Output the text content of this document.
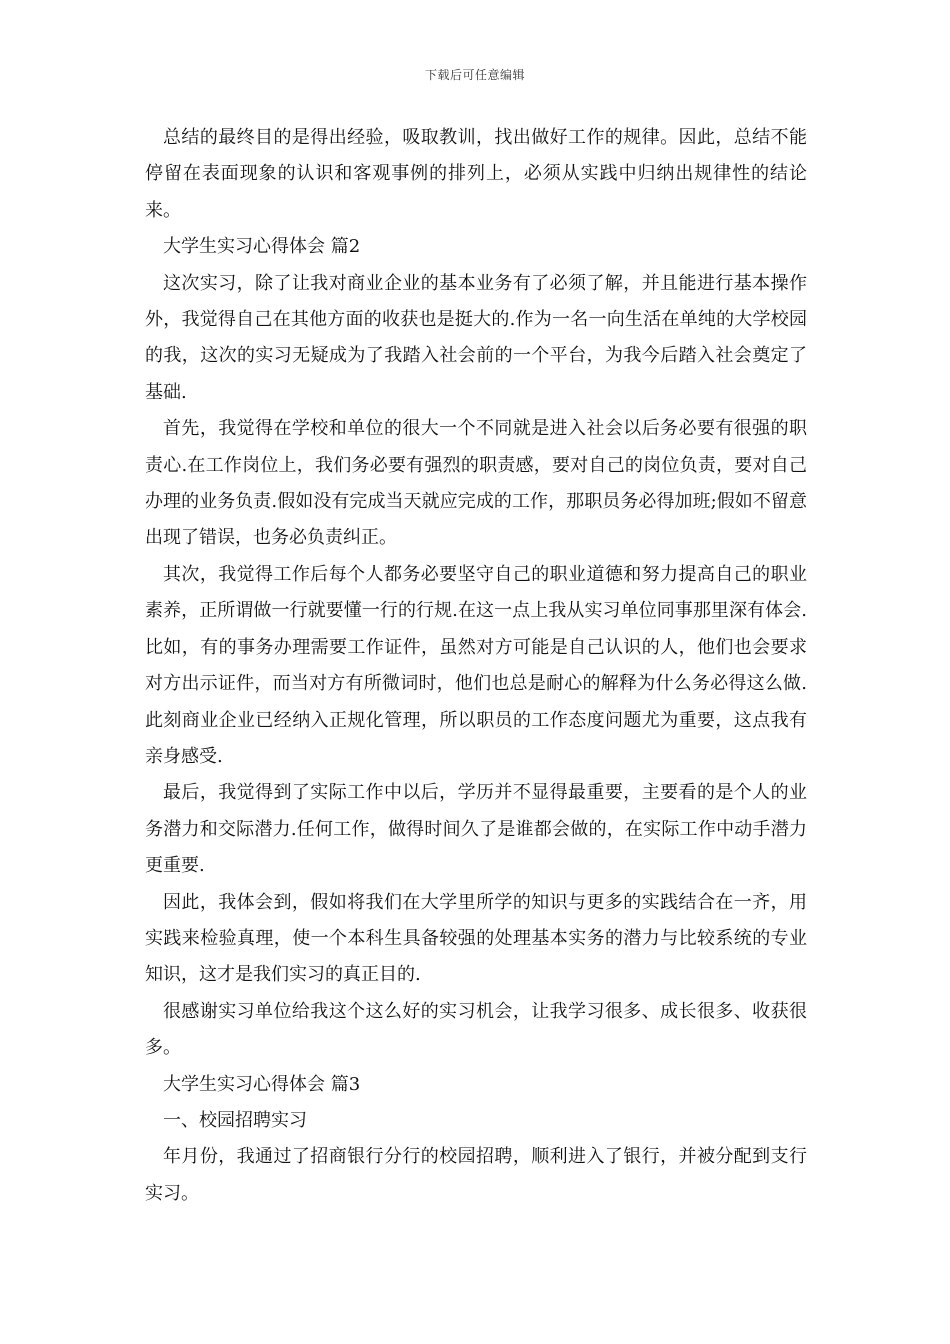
下载后可任意编辑

总结的最终目的是得出经验，吸取教训，找出做好工作的规律。因此，总结不能停留在表面现象的认识和客观事例的排列上，必须从实践中归纳出规律性的结论来。

大学生实习心得体会 篇2

这次实习，除了让我对商业企业的基本业务有了必须了解，并且能进行基本操作外，我觉得自己在其他方面的收获也是挺大的.作为一名一向生活在单纯的大学校园的我，这次的实习无疑成为了我踏入社会前的一个平台，为我今后踏入社会奠定了基础.

首先，我觉得在学校和单位的很大一个不同就是进入社会以后务必要有很强的职责心.在工作岗位上，我们务必要有强烈的职责感，要对自己的岗位负责，要对自己办理的业务负责.假如没有完成当天就应完成的工作，那职员务必得加班;假如不留意出现了错误，也务必负责纠正。

其次，我觉得工作后每个人都务必要坚守自己的职业道德和努力提高自己的职业素养，正所谓做一行就要懂一行的行规.在这一点上我从实习单位同事那里深有体会.比如，有的事务办理需要工作证件，虽然对方可能是自己认识的人，他们也会要求对方出示证件，而当对方有所微词时，他们也总是耐心的解释为什么务必得这么做.此刻商业企业已经纳入正规化管理，所以职员的工作态度问题尤为重要，这点我有亲身感受.

最后，我觉得到了实际工作中以后，学历并不显得最重要，主要看的是个人的业务潜力和交际潜力.任何工作，做得时间久了是谁都会做的，在实际工作中动手潜力更重要.

因此，我体会到，假如将我们在大学里所学的知识与更多的实践结合在一齐，用实践来检验真理，使一个本科生具备较强的处理基本实务的潜力与比较系统的专业知识，这才是我们实习的真正目的.

很感谢实习单位给我这个这么好的实习机会，让我学习很多、成长很多、收获很多。

大学生实习心得体会 篇3

一、校园招聘实习

年月份，我通过了招商银行分行的校园招聘，顺利进入了银行，并被分配到支行实习。
